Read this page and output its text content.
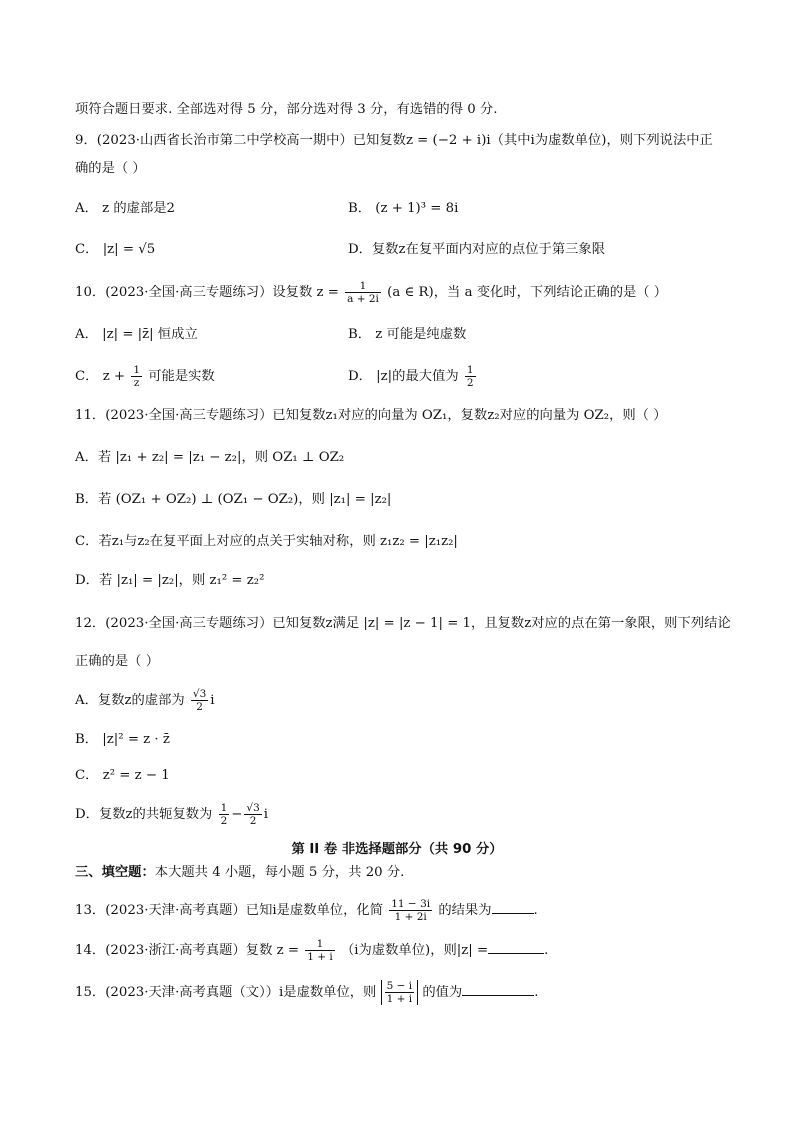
项符合题日要求. 全部选对得 5 分，部分选对得 3 分，有选错的得 0 分.
9．(2023·山西省长治市第二中学校高一期中）已知复数z = (−2 + i)i（其中i为虚数单位)，则下列说法中正
确的是（ ）
A． z 的虚部是2	B． (z + 1)³ = 8i
C． |z| = √5	D．复数z在复平面内对应的点位于第三象限
10．(2023·全国·高三专题练习）设复数 $z = \frac{1}{a + 2i} (a$ ∈ R)，当 a 变化时，下列结论正确的是（ ）
A． |z| = |z̄| 恒成立	B． z 可能是纯虚数
C． $z + \frac{1}{z}$ 可能是实数	D． |z|的最大值为 $\frac{1}{2}$
11．(2023·全国·高三专题练习）已知复数z₁对应的向量为 OZ₁，复数z₂对应的向量为 OZ₂，则（ ）
A．若 |z₁ + z₂| = |z₁ − z₂|，则 OZ₁ ⊥ OZ₂
B．若 (OZ₁ + OZ₂) ⊥ (OZ₁ − OZ₂)，则 |z₁| = |z₂|
C．若z₁与z₂在复平面上对应的点关于实轴对称，则 z₁z₂ = |z₁z₂|
D．若 |z₁| = |z₂|，则 z₁² = z₂²
12．(2023·全国·高三专题练习）已知复数z满足 |z| = |z − 1| = 1，且复数z对应的点在第一象限，则下列结论
正确的是（ ）
A．复数z的虚部为 $\frac{√3}{2}$ i
B． |z|² = z · z̄
C． z² = z − 1
D．复数z的共轭复数为 $\frac{1}{2} - \frac{√3}{2}$ i
第 II 卷 非选择题部分（共 90 分）
三、填空题：本大题共 4 小题，每小题 5 分，共 20 分.
13．(2023·天津·高考真题）已知i是虚数单位，化简 $\frac{11 - 3i}{1 + 2i}$ 的结果为	.
14．(2023·浙江·高考真题）复数 $z = \frac{1}{1 + i} (i$为虚数单位)，则|z| =	.
15．(2023·天津·高考真题（文））i是虚数单位，则 $\frac{5 - i}{1 + i}$ 的值为	.
